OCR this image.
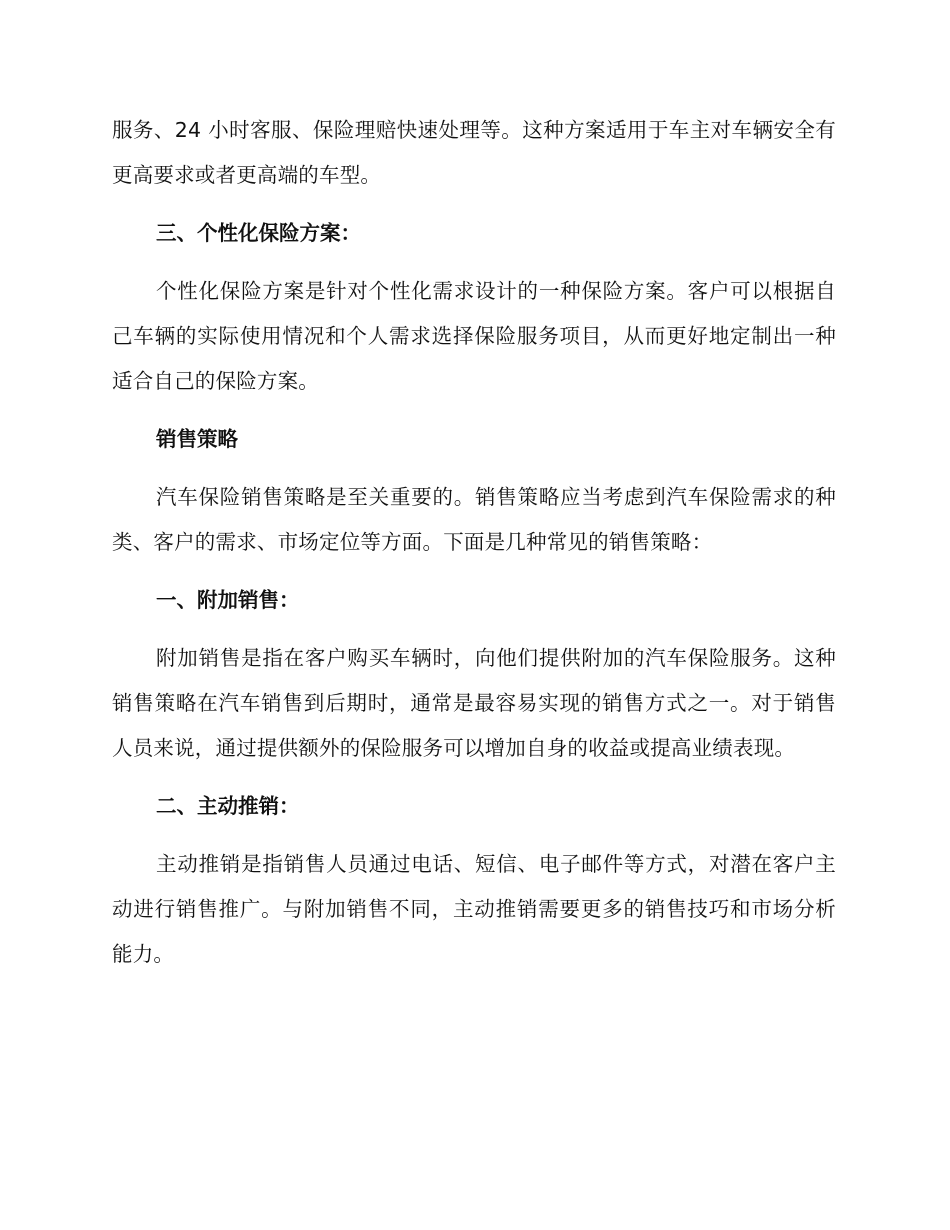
服务、24 小时客服、保险理赔快速处理等。这种方案适用于车主对车辆安全有更高要求或者更高端的车型。

三、个性化保险方案：

个性化保险方案是针对个性化需求设计的一种保险方案。客户可以根据自己车辆的实际使用情况和个人需求选择保险服务项目，从而更好地定制出一种适合自己的保险方案。

销售策略

汽车保险销售策略是至关重要的。销售策略应当考虑到汽车保险需求的种类、客户的需求、市场定位等方面。下面是几种常见的销售策略：

一、附加销售：

附加销售是指在客户购买车辆时，向他们提供附加的汽车保险服务。这种销售策略在汽车销售到后期时，通常是最容易实现的销售方式之一。对于销售人员来说，通过提供额外的保险服务可以增加自身的收益或提高业绩表现。

二、主动推销：

主动推销是指销售人员通过电话、短信、电子邮件等方式，对潜在客户主动进行销售推广。与附加销售不同，主动推销需要更多的销售技巧和市场分析能力。
